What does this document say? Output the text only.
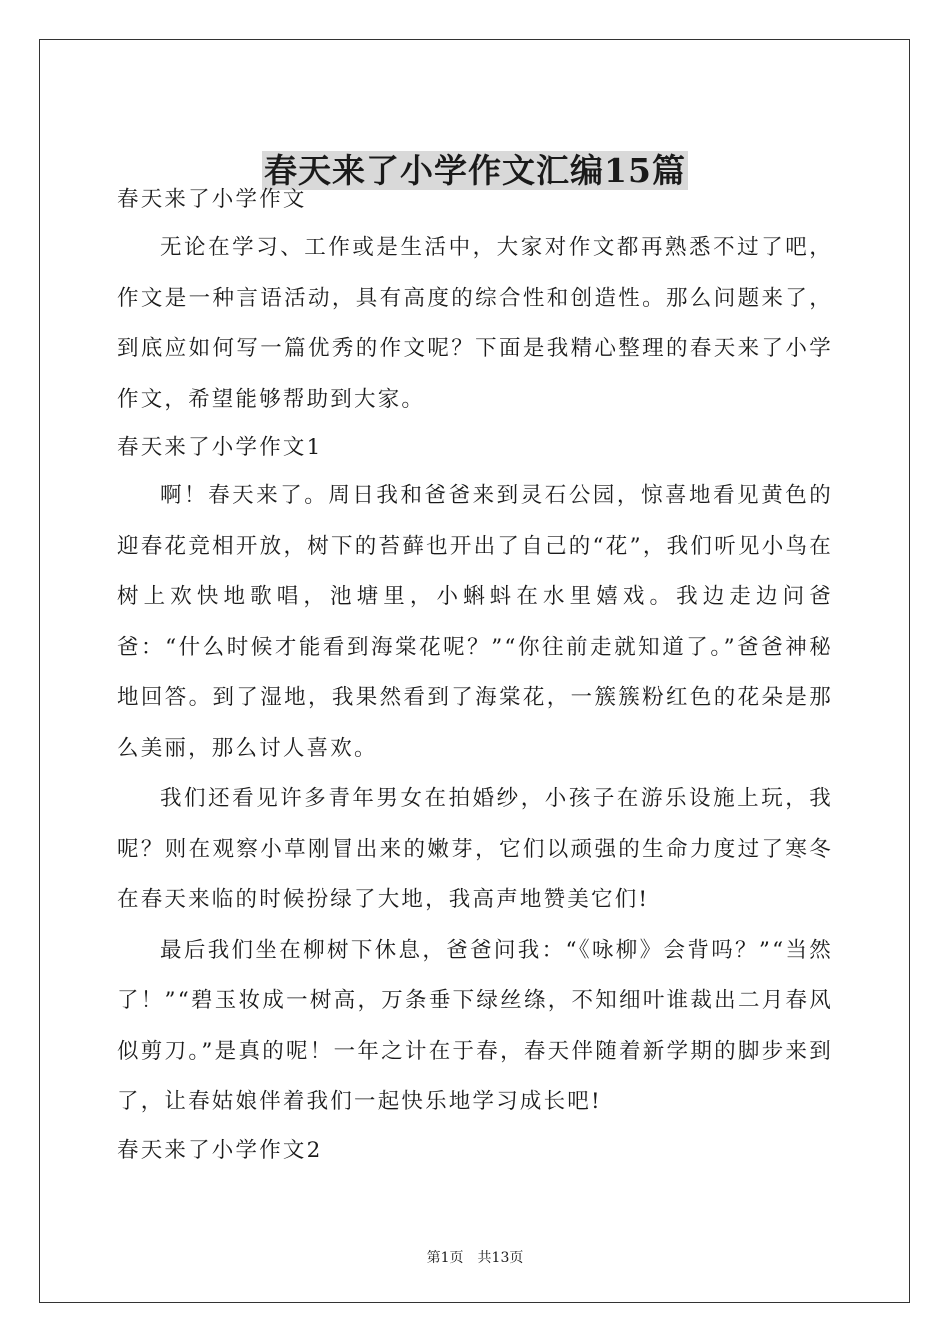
春天来了小学作文汇编15篇

春天来了小学作文

无论在学习、工作或是生活中，大家对作文都再熟悉不过了吧，作文是一种言语活动，具有高度的综合性和创造性。那么问题来了，到底应如何写一篇优秀的作文呢？下面是我精心整理的春天来了小学作文，希望能够帮助到大家。

春天来了小学作文1

啊！春天来了。周日我和爸爸来到灵石公园，惊喜地看见黄色的迎春花竞相开放，树下的苔藓也开出了自己的“花”，我们听见小鸟在树上欢快地歌唱，池塘里，小蝌蚪在水里嬉戏。我边走边问爸爸：“什么时候才能看到海棠花呢？”“你往前走就知道了。”爸爸神秘地回答。到了湿地，我果然看到了海棠花，一簇簇粉红色的花朵是那么美丽，那么讨人喜欢。

我们还看见许多青年男女在拍婚纱，小孩子在游乐设施上玩，我呢？则在观察小草刚冒出来的嫩芽，它们以顽强的生命力度过了寒冬在春天来临的时候扮绿了大地，我高声地赞美它们!

最后我们坐在柳树下休息，爸爸问我：“《咏柳》会背吗？”“当然了！”“碧玉妆成一树高，万条垂下绿丝绦，不知细叶谁裁出二月春风似剪刀。”是真的呢！一年之计在于春，春天伴随着新学期的脚步来到了，让春姑娘伴着我们一起快乐地学习成长吧!

春天来了小学作文2

第1页 共13页
